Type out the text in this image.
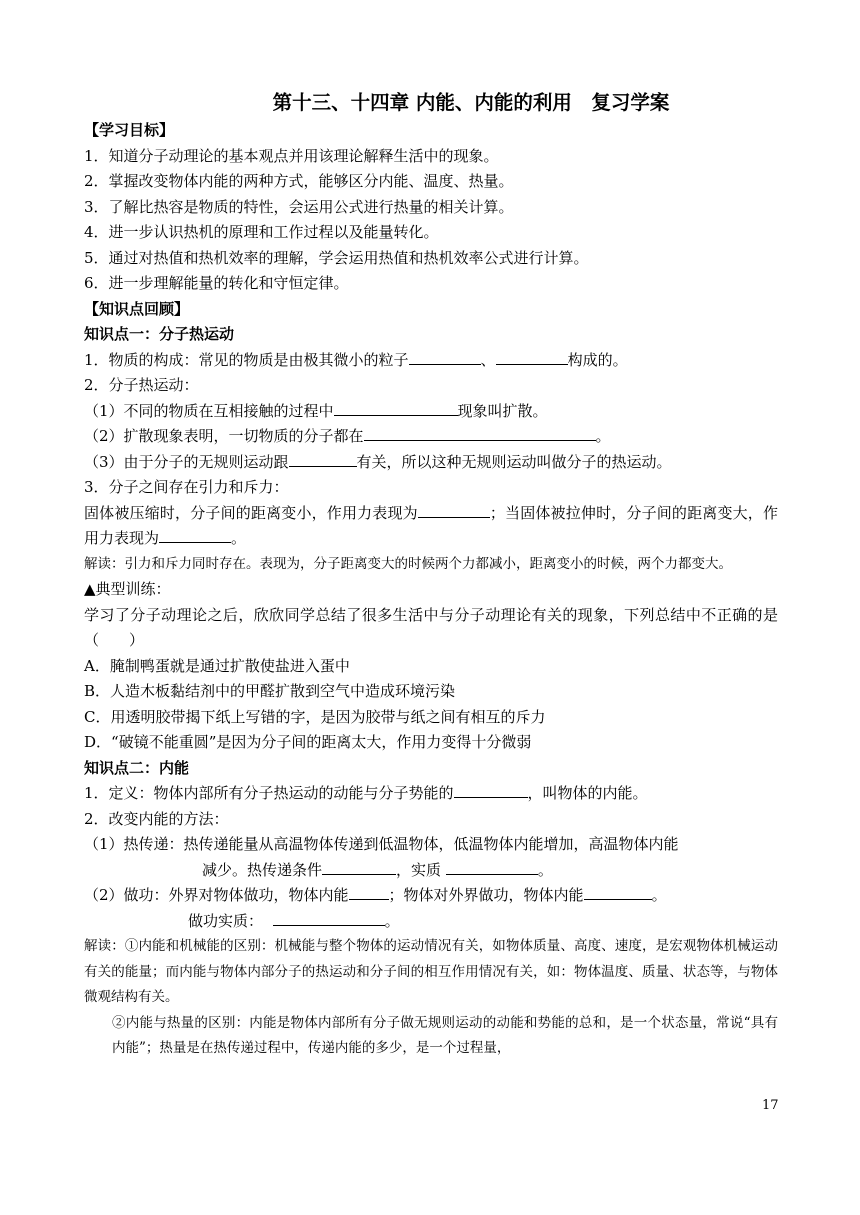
第十三、十四章 内能、内能的利用　复习学案
【学习目标】
1．知道分子动理论的基本观点并用该理论解释生活中的现象。
2．掌握改变物体内能的两种方式，能够区分内能、温度、热量。
3．了解比热容是物质的特性，会运用公式进行热量的相关计算。
4．进一步认识热机的原理和工作过程以及能量转化。
5．通过对热值和热机效率的理解，学会运用热值和热机效率公式进行计算。
6．进一步理解能量的转化和守恒定律。
【知识点回顾】
知识点一：分子热运动
1．物质的构成：常见的物质是由极其微小的粒子	、	构成的。
2．分子热运动：
（1）不同的物质在互相接触的过程中	现象叫扩散。
（2）扩散现象表明，一切物质的分子都在	。
（3）由于分子的无规则运动跟	有关，所以这种无规则运动叫做分子的热运动。
3．分子之间存在引力和斥力：
固体被压缩时，分子间的距离变小，作用力表现为	；当固体被拉伸时，分子间的距离变大，作用力表现为	。
解读：引力和斥力同时存在。表现为，分子距离变大的时候两个力都减小，距离变小的时候，两个力都变大。
▲典型训练：
学习了分子动理论之后，欣欣同学总结了很多生活中与分子动理论有关的现象，下列总结中不正确的是（　　）
A．腌制鸭蛋就是通过扩散使盐进入蛋中
B．人造木板黏结剂中的甲醛扩散到空气中造成环境污染
C．用透明胶带揭下纸上写错的字，是因为胶带与纸之间有相互的斥力
D．“破镜不能重圆”是因为分子间的距离太大，作用力变得十分微弱
知识点二：内能
1．定义：物体内部所有分子热运动的动能与分子势能的	，叫物体的内能。
2．改变内能的方法：
（1）热传递：热传递能量从高温物体传递到低温物体，低温物体内能增加，高温物体内能
减少。热传递条件	，实质	。
（2）做功：外界对物体做功，物体内能	；物体对外界做功，物体内能	。
做功实质：	。
解读：①内能和机械能的区别：机械能与整个物体的运动情况有关，如物体质量、高度、速度，是宏观物体机械运动有关的能量；而内能与物体内部分子的热运动和分子间的相互作用情况有关，如：物体温度、质量、状态等，与物体微观结构有关。
②内能与热量的区别：内能是物体内部所有分子做无规则运动的动能和势能的总和，是一个状态量，常说“具有内能”；热量是在热传递过程中，传递内能的多少，是一个过程量，
17
